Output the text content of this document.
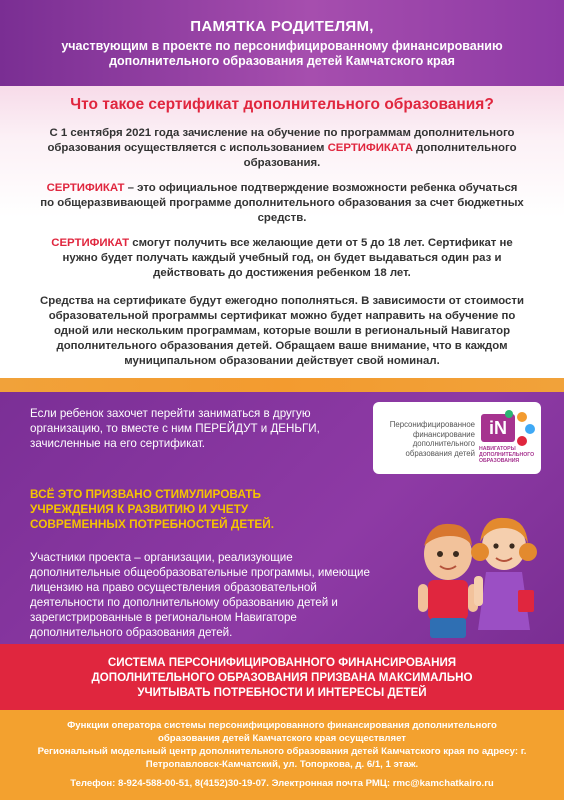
ПАМЯТКА РОДИТЕЛЯМ,
участвующим в проекте по персонифицированному финансированию дополнительного образования детей Камчатского края
Что такое сертификат дополнительного образования?
С 1 сентября 2021 года зачисление на обучение по программам дополнительного образования осуществляется с использованием СЕРТИФИКАТА дополнительного образования.
СЕРТИФИКАТ – это официальное подтверждение возможности ребенка обучаться по общеразвивающей программе дополнительного образования за счет бюджетных средств.
СЕРТИФИКАТ смогут получить все желающие дети от 5 до 18 лет. Сертификат не нужно будет получать каждый учебный год, он будет выдаваться один раз и действовать до достижения ребенком 18 лет.
Средства на сертификате будут ежегодно пополняться. В зависимости от стоимости образовательной программы сертификат можно будет направить на обучение по одной или нескольким программам, которые вошли в региональный Навигатор дополнительного образования детей. Обращаем ваше внимание, что в каждом муниципальном образовании действует свой номинал.
Если ребенок захочет перейти заниматься в другую организацию, то вместе с ним ПЕРЕЙДУТ и ДЕНЬГИ, зачисленные на его сертификат.
ВСЁ ЭТО ПРИЗВАНО СТИМУЛИРОВАТЬ УЧРЕЖДЕНИЯ К РАЗВИТИЮ И УЧЕТУ СОВРЕМЕННЫХ ПОТРЕБНОСТЕЙ ДЕТЕЙ.
Участники проекта – организации, реализующие дополнительные общеобразовательные программы, имеющие лицензию на право осуществления образовательной деятельности по дополнительному образованию детей и зарегистрированные в региональном Навигаторе дополнительного образования детей.
Персонифицированное финансирование дополнительного образования детей
iN
НАВИГАТОРЫ ДОПОЛНИТЕЛЬНОГО ОБРАЗОВАНИЯ
СИСТЕМА ПЕРСОНИФИЦИРОВАННОГО ФИНАНСИРОВАНИЯ ДОПОЛНИТЕЛЬНОГО ОБРАЗОВАНИЯ ПРИЗВАНА МАКСИМАЛЬНО УЧИТЫВАТЬ ПОТРЕБНОСТИ И ИНТЕРЕСЫ ДЕТЕЙ
Функции оператора системы персонифицированного финансирования дополнительного образования детей Камчатского края осуществляет
Региональный модельный центр дополнительного образования детей Камчатского края по адресу: г. Петропавловск-Камчатский, ул. Топоркова, д. 6/1, 1 этаж.
Телефон: 8-924-588-00-51, 8(4152)30-19-07. Электронная почта РМЦ: rmc@kamchatkairo.ru
